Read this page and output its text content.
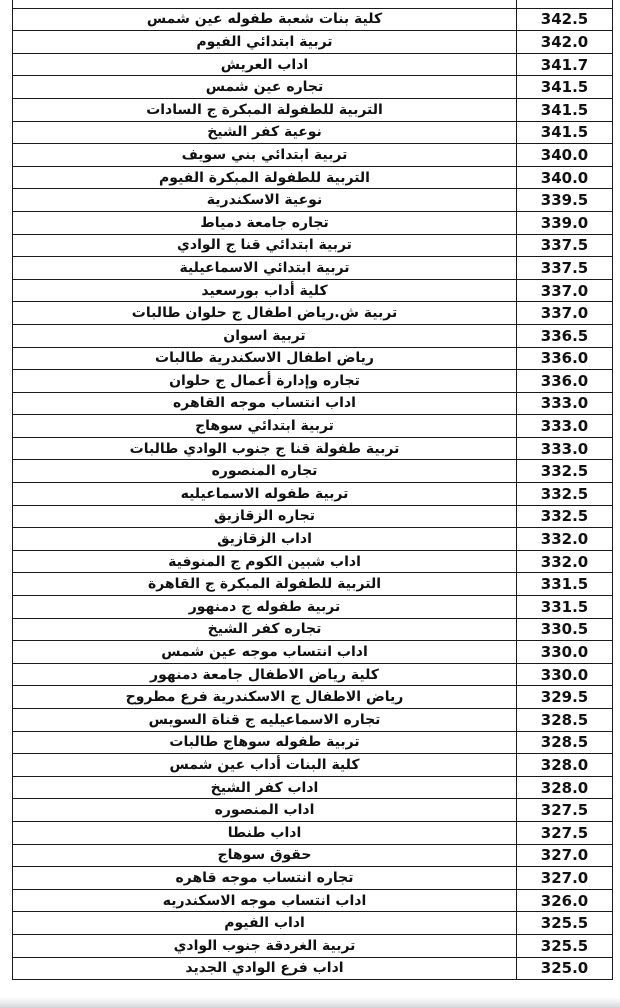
كلية بنات شعبة طفوله عين شمس	342.5
تربية ابتدائي الفيوم	342.0
اداب العريش	341.7
تجاره عين شمس	341.5
التربية للطفولة المبكرة ج السادات	341.5
نوعية كفر الشيخ	341.5
تربية ابتدائي بني سويف	340.0
التربية للطفولة المبكرة الفيوم	340.0
نوعية الاسكندرية	339.5
تجاره جامعة دمياط	339.0
تربية ابتدائي قنا ج الوادي	337.5
تربية ابتدائي الاسماعيلية	337.5
كلية أداب بورسعيد	337.0
تربية ش.رياض اطفال ج حلوان طالبات	337.0
تربية اسوان	336.5
رياض اطفال الاسكندرية طالبات	336.0
تجاره وإدارة أعمال ج حلوان	336.0
اداب انتساب موجه القاهره	333.0
تربية ابتدائي سوهاج	333.0
تربية طفولة قنا ج جنوب الوادي طالبات	333.0
تجاره المنصوره	332.5
تربية طفوله الاسماعيليه	332.5
تجاره الزقازيق	332.5
اداب الزقازيق	332.0
اداب شبين الكوم ج المنوفية	332.0
التربية للطفولة المبكرة ج القاهرة	331.5
تربية طفوله ج دمنهور	331.5
تجاره كفر الشيخ	330.5
اداب انتساب موجه عين شمس	330.0
كلية رياض الاطفال جامعة دمنهور	330.0
رياض الاطفال ج الاسكندرية فرع مطروح	329.5
تجاره الاسماعيليه ج قناة السويس	328.5
تربية طفوله سوهاج طالبات	328.5
كلية البنات أداب عين شمس	328.0
اداب كفر الشيخ	328.0
اداب المنصوره	327.5
اداب طنطا	327.5
حقوق سوهاج	327.0
تجاره انتساب موجه قاهره	327.0
اداب انتساب موجه الاسكندريه	326.0
اداب الفيوم	325.5
تربية الغردقة جنوب الوادي	325.5
اداب فرع الوادي الجديد	325.0
